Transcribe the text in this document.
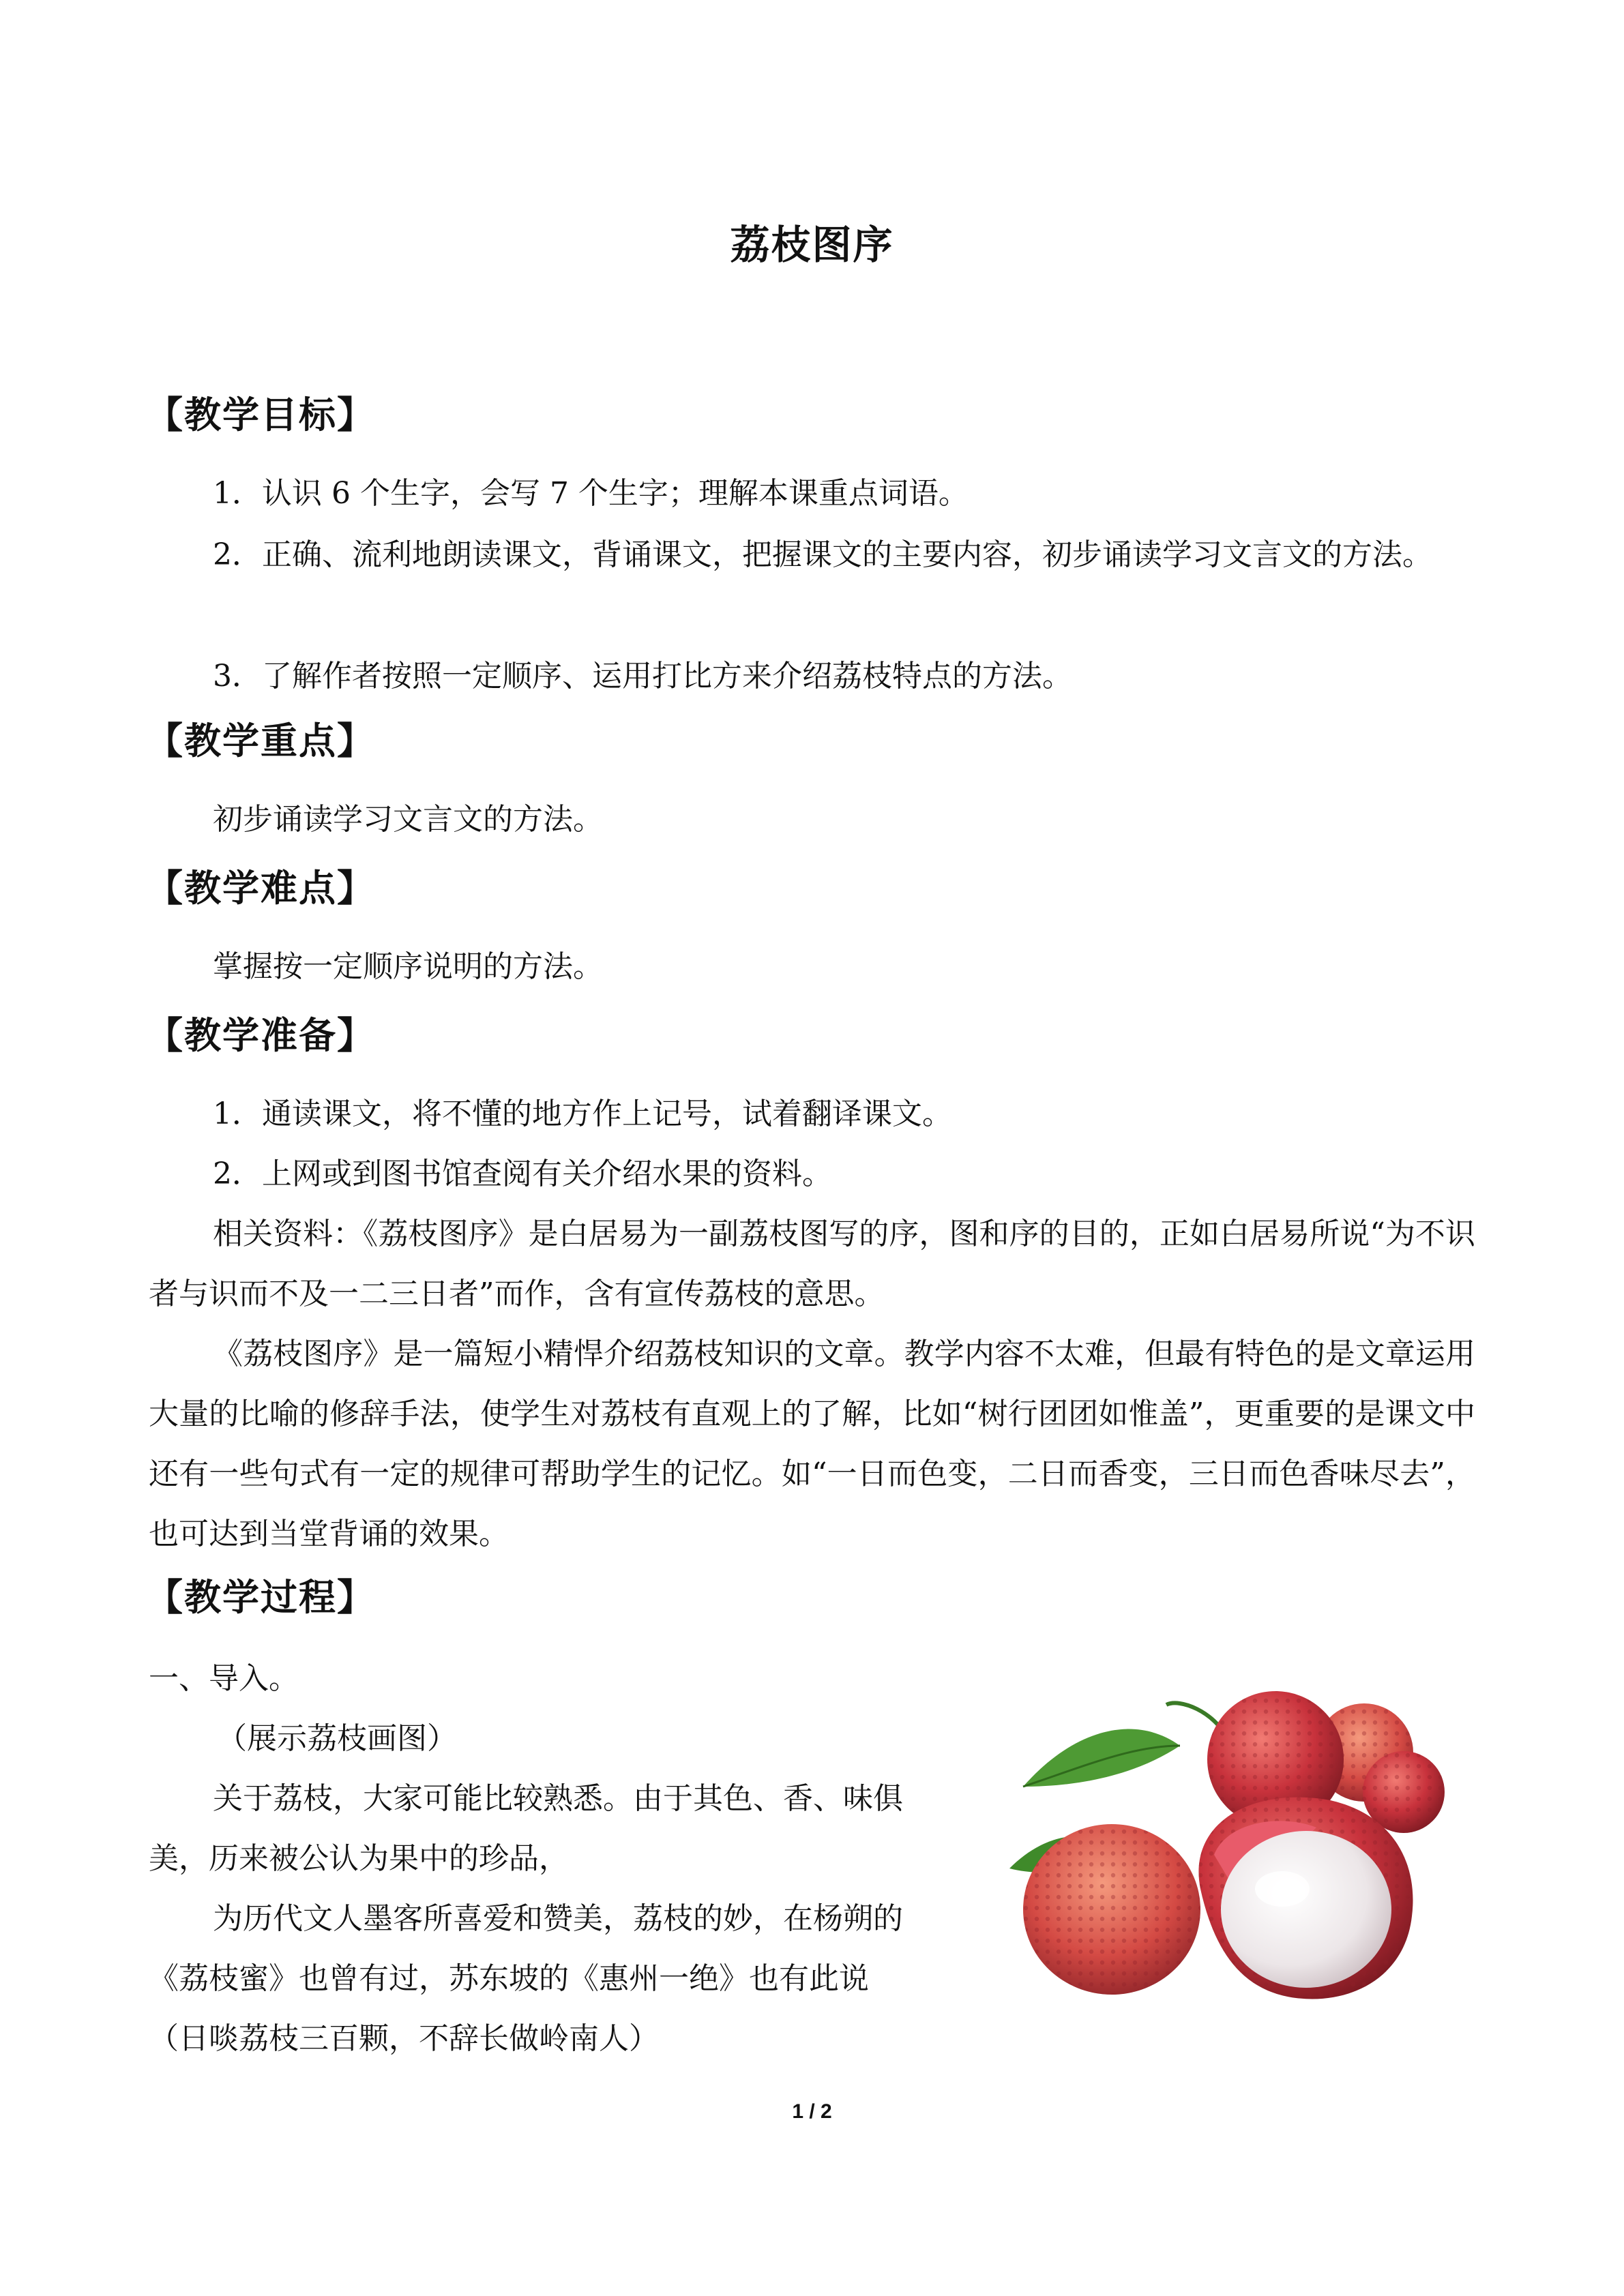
荔枝图序
【教学目标】
1．认识 6 个生字，会写 7 个生字；理解本课重点词语。
2．正确、流利地朗读课文，背诵课文，把握课文的主要内容，初步诵读学习文言文的方法。
3．了解作者按照一定顺序、运用打比方来介绍荔枝特点的方法。
【教学重点】
初步诵读学习文言文的方法。
【教学难点】
掌握按一定顺序说明的方法。
【教学准备】
1．通读课文，将不懂的地方作上记号，试着翻译课文。
2．上网或到图书馆查阅有关介绍水果的资料。
相关资料：《荔枝图序》是白居易为一副荔枝图写的序，图和序的目的，正如白居易所说“为不识者与识而不及一二三日者”而作，含有宣传荔枝的意思。
《荔枝图序》是一篇短小精悍介绍荔枝知识的文章。教学内容不太难，但最有特色的是文章运用大量的比喻的修辞手法，使学生对荔枝有直观上的了解，比如“树行团团如惟盖”，更重要的是课文中还有一些句式有一定的规律可帮助学生的记忆。如“一日而色变，二日而香变，三日而色香味尽去”，也可达到当堂背诵的效果。
【教学过程】
一、导入。
（展示荔枝画图）
关于荔枝，大家可能比较熟悉。由于其色、香、味俱
美，历来被公认为果中的珍品，
为历代文人墨客所喜爱和赞美，荔枝的妙，在杨朔的
《荔枝蜜》也曾有过，苏东坡的《惠州一绝》也有此说
（日啖荔枝三百颗，不辞长做岭南人）
1 / 2
